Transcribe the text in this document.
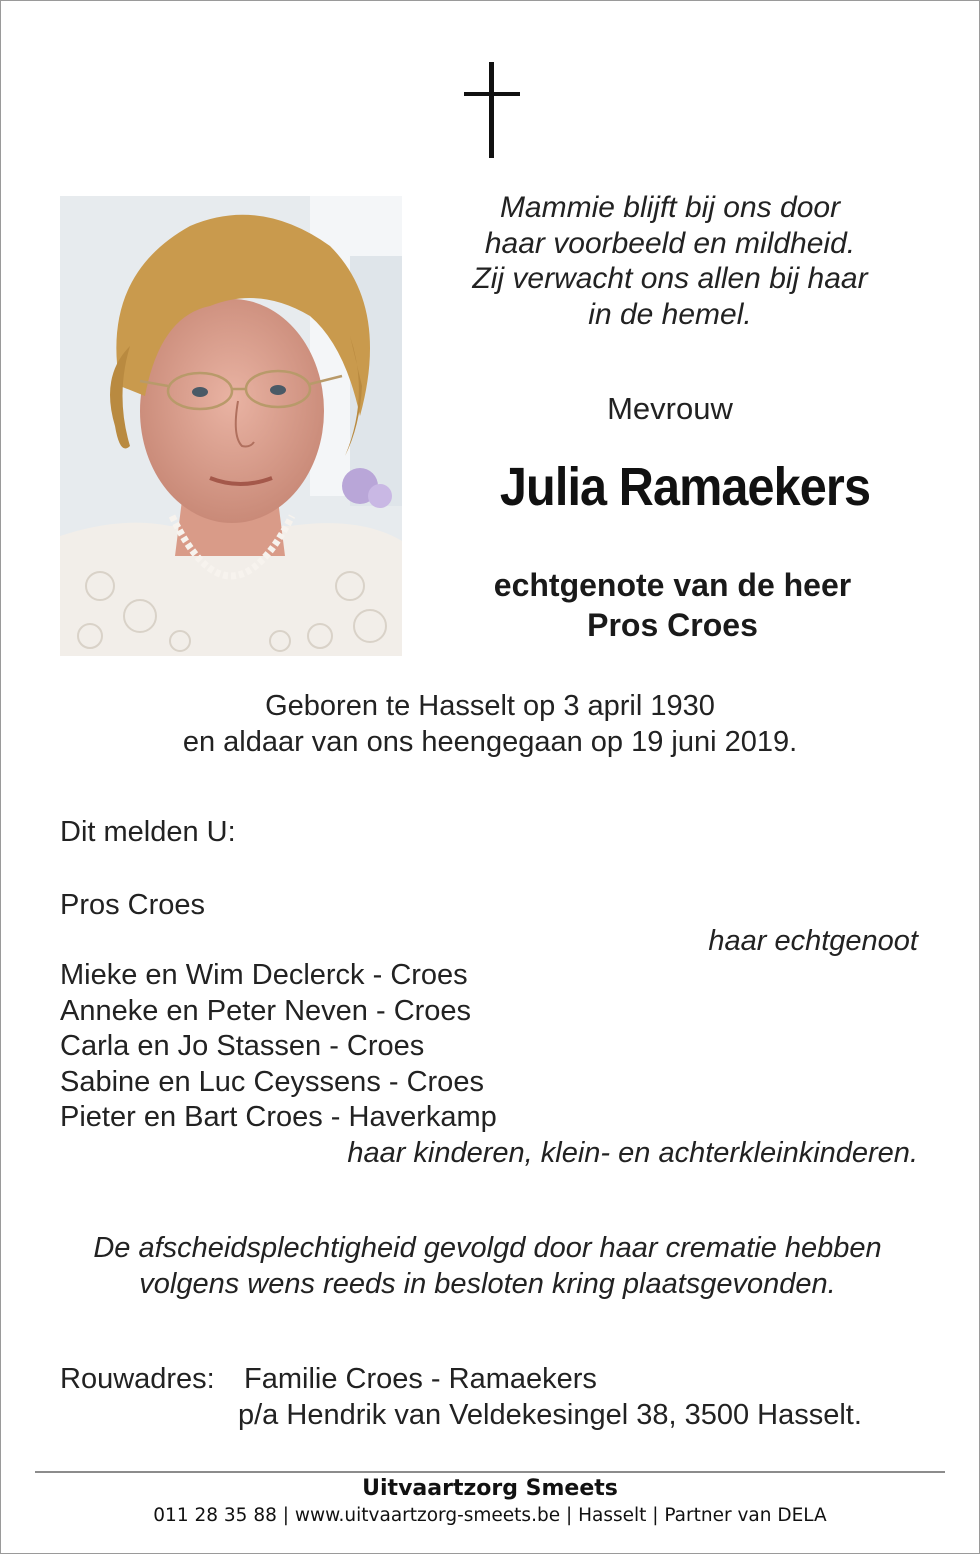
Mammie blijft bij ons door
haar voorbeeld en mildheid.
Zij verwacht ons allen bij haar
in de hemel.
Mevrouw
Julia Ramaekers
echtgenote van de heer
Pros Croes
Geboren te Hasselt op 3 april 1930
en aldaar van ons heengegaan op 19 juni 2019.
Dit melden U:
Pros Croes
haar echtgenoot
Mieke en Wim Declerck - Croes
Anneke en Peter Neven - Croes
Carla en Jo Stassen - Croes
Sabine en Luc Ceyssens - Croes
Pieter en Bart Croes - Haverkamp
haar kinderen, klein- en achterkleinkinderen.
De afscheidsplechtigheid gevolgd door haar crematie hebben
volgens wens reeds in besloten kring plaatsgevonden.
Rouwadres:	Familie Croes - Ramaekers
p/a Hendrik van Veldekesingel 38, 3500 Hasselt.
Uitvaartzorg Smeets
011 28 35 88 | www.uitvaartzorg-smeets.be | Hasselt | Partner van DELA
